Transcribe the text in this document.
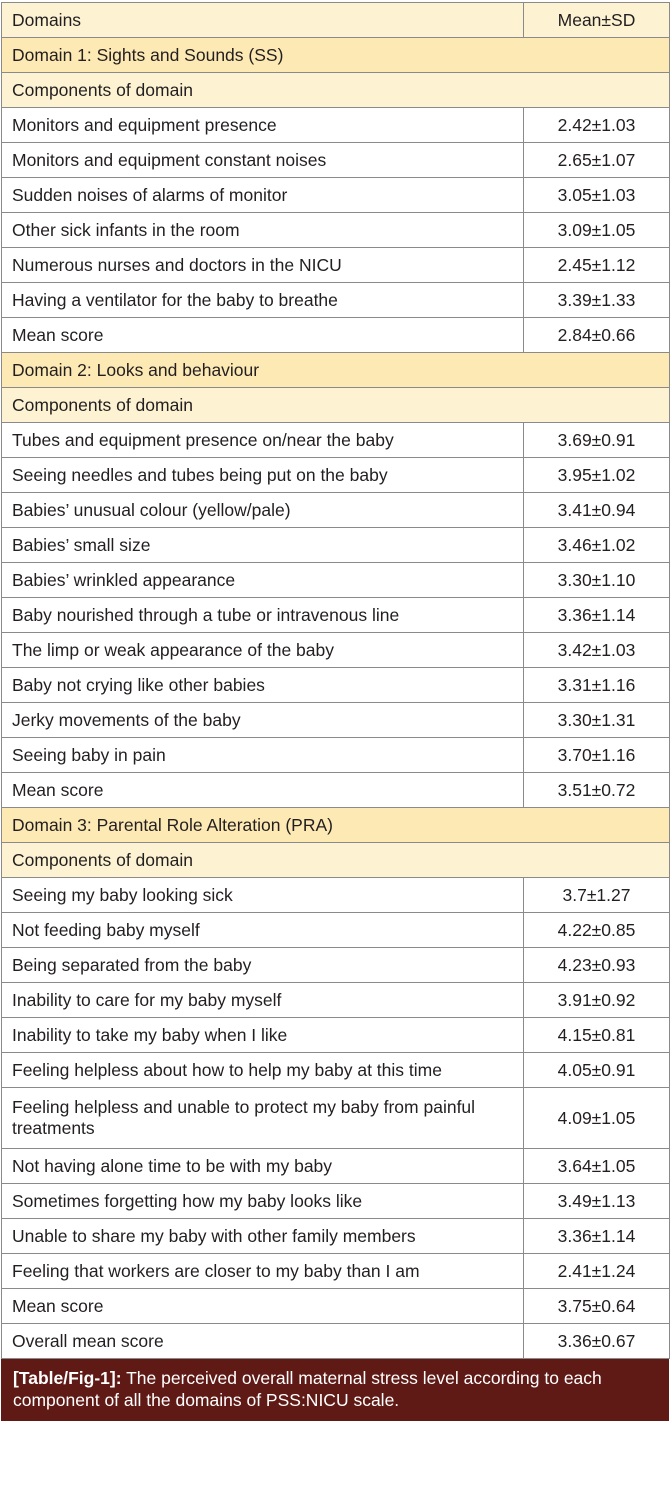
Domains	Mean±SD
Domain 1: Sights and Sounds (SS)	
Components of domain	
Monitors and equipment presence	2.42±1.03
Monitors and equipment constant noises	2.65±1.07
Sudden noises of alarms of monitor	3.05±1.03
Other sick infants in the room	3.09±1.05
Numerous nurses and doctors in the NICU	2.45±1.12
Having a ventilator for the baby to breathe	3.39±1.33
Mean score	2.84±0.66
Domain 2: Looks and behaviour	
Components of domain	
Tubes and equipment presence on/near the baby	3.69±0.91
Seeing needles and tubes being put on the baby	3.95±1.02
Babies’ unusual colour (yellow/pale)	3.41±0.94
Babies’ small size	3.46±1.02
Babies’ wrinkled appearance	3.30±1.10
Baby nourished through a tube or intravenous line	3.36±1.14
The limp or weak appearance of the baby	3.42±1.03
Baby not crying like other babies	3.31±1.16
Jerky movements of the baby	3.30±1.31
Seeing baby in pain	3.70±1.16
Mean score	3.51±0.72
Domain 3: Parental Role Alteration (PRA)	
Components of domain	
Seeing my baby looking sick	3.7±1.27
Not feeding baby myself	4.22±0.85
Being separated from the baby	4.23±0.93
Inability to care for my baby myself	3.91±0.92
Inability to take my baby when I like	4.15±0.81
Feeling helpless about how to help my baby at this time	4.05±0.91
Feeling helpless and unable to protect my baby from painful treatments	4.09±1.05
Not having alone time to be with my baby	3.64±1.05
Sometimes forgetting how my baby looks like	3.49±1.13
Unable to share my baby with other family members	3.36±1.14
Feeling that workers are closer to my baby than I am	2.41±1.24
Mean score	3.75±0.64
Overall mean score	3.36±0.67
[Table/Fig-1]: The perceived overall maternal stress level according to each component of all the domains of PSS:NICU scale.
